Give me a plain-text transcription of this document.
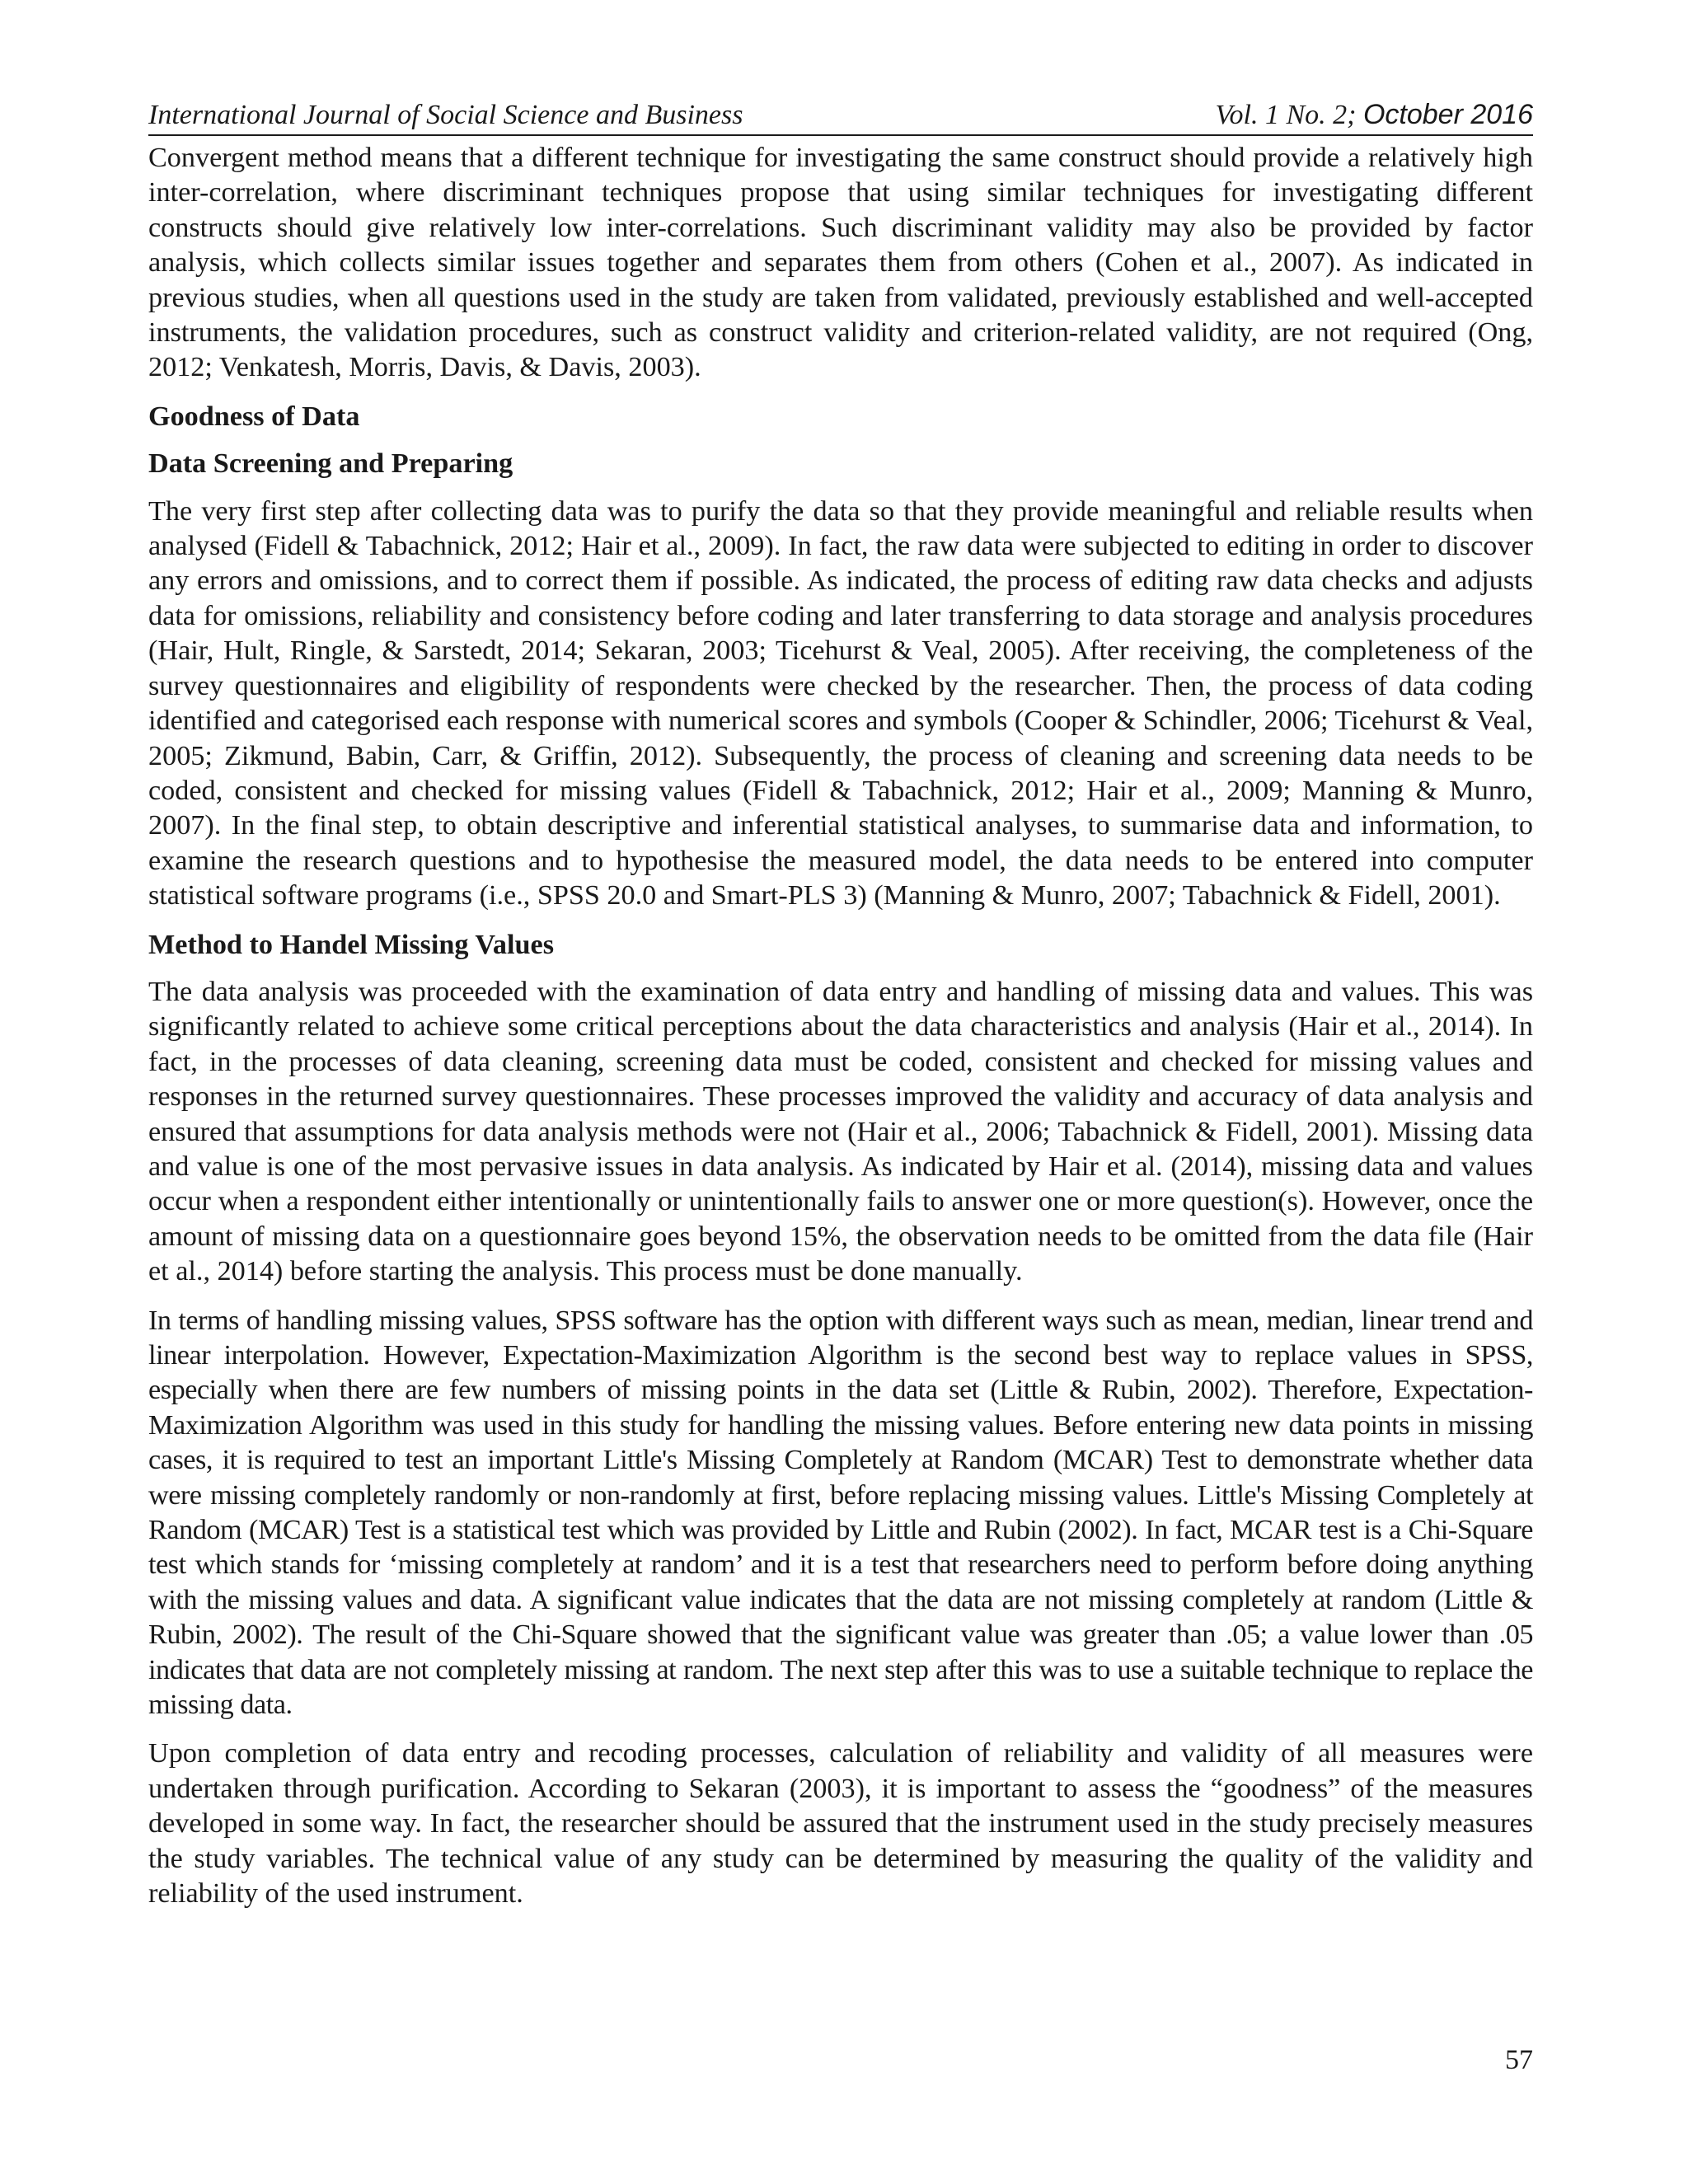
International Journal of Social Science and Business	Vol. 1 No. 2; October 2016

Convergent method means that a different technique for investigating the same construct should provide a relatively high inter-correlation, where discriminant techniques propose that using similar techniques for investigating different constructs should give relatively low inter-correlations. Such discriminant validity may also be provided by factor analysis, which collects similar issues together and separates them from others (Cohen et al., 2007). As indicated in previous studies, when all questions used in the study are taken from validated, previously established and well-accepted instruments, the validation procedures, such as construct validity and criterion-related validity, are not required (Ong, 2012; Venkatesh, Morris, Davis, & Davis, 2003).

Goodness of Data
Data Screening and Preparing

The very first step after collecting data was to purify the data so that they provide meaningful and reliable results when analysed (Fidell & Tabachnick, 2012; Hair et al., 2009). In fact, the raw data were subjected to editing in order to discover any errors and omissions, and to correct them if possible. As indicated, the process of editing raw data checks and adjusts data for omissions, reliability and consistency before coding and later transferring to data storage and analysis procedures (Hair, Hult, Ringle, & Sarstedt, 2014; Sekaran, 2003; Ticehurst & Veal, 2005). After receiving, the completeness of the survey questionnaires and eligibility of respondents were checked by the researcher. Then, the process of data coding identified and categorised each response with numerical scores and symbols (Cooper & Schindler, 2006; Ticehurst & Veal, 2005; Zikmund, Babin, Carr, & Griffin, 2012). Subsequently, the process of cleaning and screening data needs to be coded, consistent and checked for missing values (Fidell & Tabachnick, 2012; Hair et al., 2009; Manning & Munro, 2007). In the final step, to obtain descriptive and inferential statistical analyses, to summarise data and information, to examine the research questions and to hypothesise the measured model, the data needs to be entered into computer statistical software programs (i.e., SPSS 20.0 and Smart-PLS 3) (Manning & Munro, 2007; Tabachnick & Fidell, 2001).

Method to Handel Missing Values

The data analysis was proceeded with the examination of data entry and handling of missing data and values. This was significantly related to achieve some critical perceptions about the data characteristics and analysis (Hair et al., 2014). In fact, in the processes of data cleaning, screening data must be coded, consistent and checked for missing values and responses in the returned survey questionnaires. These processes improved the validity and accuracy of data analysis and ensured that assumptions for data analysis methods were not (Hair et al., 2006; Tabachnick & Fidell, 2001). Missing data and value is one of the most pervasive issues in data analysis. As indicated by Hair et al. (2014), missing data and values occur when a respondent either intentionally or unintentionally fails to answer one or more question(s). However, once the amount of missing data on a questionnaire goes beyond 15%, the observation needs to be omitted from the data file (Hair et al., 2014) before starting the analysis. This process must be done manually.

In terms of handling missing values, SPSS software has the option with different ways such as mean, median, linear trend and linear interpolation. However, Expectation-Maximization Algorithm is the second best way to replace values in SPSS, especially when there are few numbers of missing points in the data set (Little & Rubin, 2002). Therefore, Expectation-Maximization Algorithm was used in this study for handling the missing values. Before entering new data points in missing cases, it is required to test an important Little's Missing Completely at Random (MCAR) Test to demonstrate whether data were missing completely randomly or non-randomly at first, before replacing missing values. Little's Missing Completely at Random (MCAR) Test is a statistical test which was provided by Little and Rubin (2002). In fact, MCAR test is a Chi-Square test which stands for ‘missing completely at random’ and it is a test that researchers need to perform before doing anything with the missing values and data. A significant value indicates that the data are not missing completely at random (Little & Rubin, 2002). The result of the Chi-Square showed that the significant value was greater than .05; a value lower than .05 indicates that data are not completely missing at random. The next step after this was to use a suitable technique to replace the missing data.

Upon completion of data entry and recoding processes, calculation of reliability and validity of all measures were undertaken through purification. According to Sekaran (2003), it is important to assess the “goodness” of the measures developed in some way. In fact, the researcher should be assured that the instrument used in the study precisely measures the study variables. The technical value of any study can be determined by measuring the quality of the validity and reliability of the used instrument.

57
